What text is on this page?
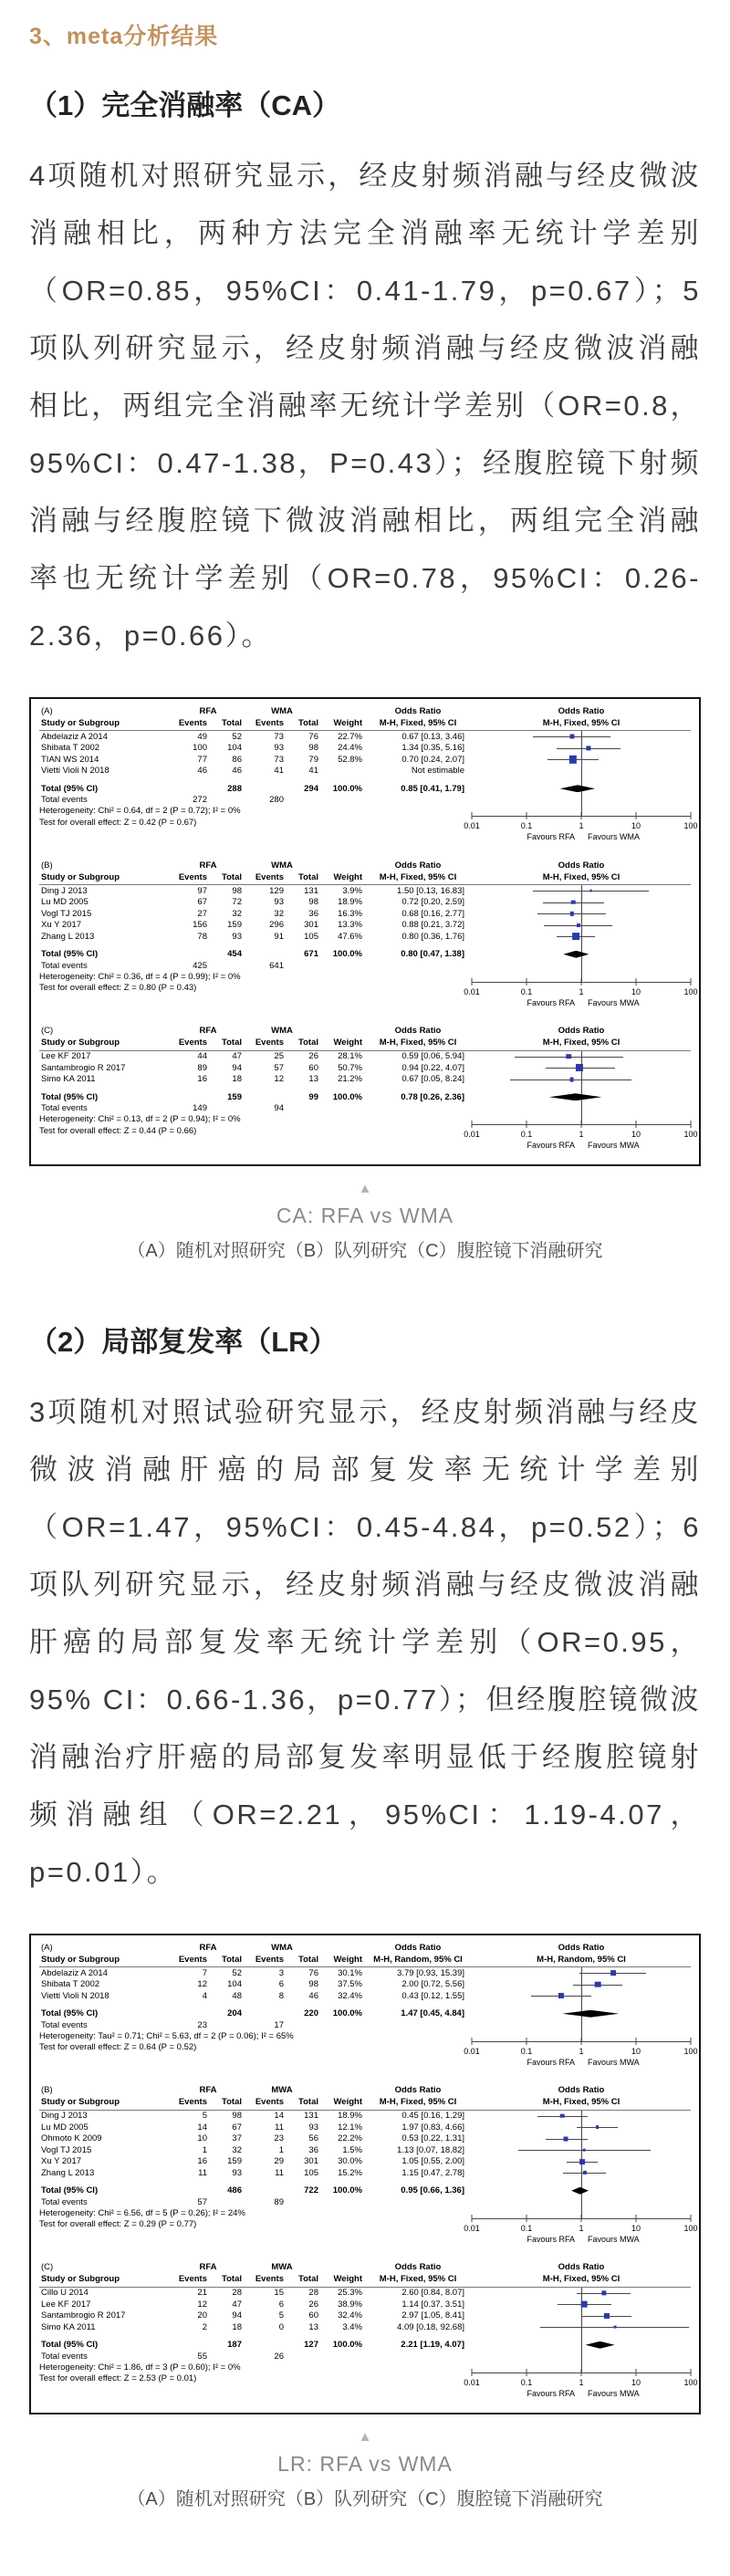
3、meta分析结果
（1）完全消融率（CA）

4项随机对照研究显示，经皮射频消融与经皮微波消融相比，两种方法完全消融率无统计学差别（OR=0.85，95%CI：0.41-1.79，p=0.67）；5项队列研究显示，经皮射频消融与经皮微波消融相比，两组完全消融率无统计学差别（OR=0.8，95%CI：0.47-1.38，P=0.43）；经腹腔镜下射频消融与经腹腔镜下微波消融相比，两组完全消融率也无统计学差别（OR=0.78，95%CI：0.26-2.36，p=0.66）。

(A)	RFA	WMA	Odds Ratio	Odds Ratio
Study or Subgroup	Events	Total	Events	Total	Weight	M-H, Fixed, 95% CI	M-H, Fixed, 95% CI
Abdelaziz A 2014	49	52	73	76	22.7%	0.67 [0.13, 3.46]
Shibata T 2002	100	104	93	98	24.4%	1.34 [0.35, 5.16]
TIAN WS 2014	77	86	73	79	52.8%	0.70 [0.24, 2.07]
Vietti Violi N 2018	46	46	41	41	Not estimable
Total (95% CI)	288	294	100.0%	0.85 [0.41, 1.79]
Total events	272	280
Heterogeneity: Chi² = 0.64, df = 2 (P = 0.72); I² = 0%
Test for overall effect: Z = 0.42 (P = 0.67)	0.01	0.1	1	10	100
Favours RFA Favours WMA
(B)	RFA	WMA	Odds Ratio	Odds Ratio
Study or Subgroup	Events	Total	Events	Total	Weight	M-H, Fixed, 95% CI	M-H, Fixed, 95% CI
Ding J 2013	97	98	129	131	3.9%	1.50 [0.13, 16.83]
Lu MD 2005	67	72	93	98	18.9%	0.72 [0.20, 2.59]
Vogl TJ 2015	27	32	32	36	16.3%	0.68 [0.16, 2.77]
Xu Y 2017	156	159	296	301	13.3%	0.88 [0.21, 3.72]
Zhang L 2013	78	93	91	105	47.6%	0.80 [0.36, 1.76]
Total (95% CI)	454	671	100.0%	0.80 [0.47, 1.38]
Total events	425	641
Heterogeneity: Chi² = 0.36, df = 4 (P = 0.99); I² = 0%
Test for overall effect: Z = 0.80 (P = 0.43)	0.01	0.1	1	10	100
Favours RFA Favours MWA
(C)	RFA	WMA	Odds Ratio	Odds Ratio
Study or Subgroup	Events	Total	Events	Total	Weight	M-H, Fixed, 95% CI	M-H, Fixed, 95% CI
Lee KF 2017	44	47	25	26	28.1%	0.59 [0.06, 5.94]
Santambrogio R 2017	89	94	57	60	50.7%	0.94 [0.22, 4.07]
Simo KA 2011	16	18	12	13	21.2%	0.67 [0.05, 8.24]
Total (95% CI)	159	99	100.0%	0.78 [0.26, 2.36]
Total events	149	94
Heterogeneity: Chi² = 0.13, df = 2 (P = 0.94); I² = 0%
Test for overall effect: Z = 0.44 (P = 0.66)	0.01	0.1	1	10	100
Favours RFA Favours MWA
▲
CA: RFA vs WMA
（A）随机对照研究（B）队列研究（C）腹腔镜下消融研究
（2）局部复发率（LR）

3项随机对照试验研究显示，经皮射频消融与经皮微波消融肝癌的局部复发率无统计学差别（OR=1.47，95%CI：0.45-4.84，p=0.52）；6项队列研究显示，经皮射频消融与经皮微波消融肝癌的局部复发率无统计学差别（OR=0.95，95% CI：0.66-1.36，p=0.77）；但经腹腔镜微波消融治疗肝癌的局部复发率明显低于经腹腔镜射频消融组（OR=2.21，95%CI：1.19-4.07，p=0.01）。

(A)	RFA	WMA	Odds Ratio	Odds Ratio
Study or Subgroup	Events	Total	Events	Total	Weight	M-H, Random, 95% CI	M-H, Random, 95% CI
Abdelaziz A 2014	7	52	3	76	30.1%	3.79 [0.93, 15.39]
Shibata T 2002	12	104	6	98	37.5%	2.00 [0.72, 5.56]
Vietti Violi N 2018	4	48	8	46	32.4%	0.43 [0.12, 1.55]
Total (95% CI)	204	220	100.0%	1.47 [0.45, 4.84]
Total events	23	17
Heterogeneity: Tau² = 0.71; Chi² = 5.63, df = 2 (P = 0.06); I² = 65%
Test for overall effect: Z = 0.64 (P = 0.52)	0.01	0.1	1	10	100
Favours RFA Favours MWA
(B)	RFA	MWA	Odds Ratio	Odds Ratio
Study or Subgroup	Events	Total	Events	Total	Weight	M-H, Fixed, 95% CI	M-H, Fixed, 95% CI
Ding J 2013	5	98	14	131	18.9%	0.45 [0.16, 1.29]
Lu MD 2005	14	67	11	93	12.1%	1.97 [0.83, 4.66]
Ohmoto K 2009	10	37	23	56	22.2%	0.53 [0.22, 1.31]
Vogl TJ 2015	1	32	1	36	1.5%	1.13 [0.07, 18.82]
Xu Y 2017	16	159	29	301	30.0%	1.05 [0.55, 2.00]
Zhang L 2013	11	93	11	105	15.2%	1.15 [0.47, 2.78]
Total (95% CI)	486	722	100.0%	0.95 [0.66, 1.36]
Total events	57	89
Heterogeneity: Chi² = 6.56, df = 5 (P = 0.26); I² = 24%
Test for overall effect: Z = 0.29 (P = 0.77)	0.01	0.1	1	10	100
Favours RFA Favours MWA
(C)	RFA	MWA	Odds Ratio	Odds Ratio
Study or Subgroup	Events	Total	Events	Total	Weight	M-H, Fixed, 95% CI	M-H, Fixed, 95% CI
Cillo U 2014	21	28	15	28	25.3%	2.60 [0.84, 8.07]
Lee KF 2017	12	47	6	26	38.9%	1.14 [0.37, 3.51]
Santambrogio R 2017	20	94	5	60	32.4%	2.97 [1.05, 8.41]
Simo KA 2011	2	18	0	13	3.4%	4.09 [0.18, 92.68]
Total (95% CI)	187	127	100.0%	2.21 [1.19, 4.07]
Total events	55	26
Heterogeneity: Chi² = 1.86, df = 3 (P = 0.60); I² = 0%
Test for overall effect: Z = 2.53 (P = 0.01)	0.01	0.1	1	10	100
Favours RFA Favours MWA
▲
LR: RFA vs WMA
（A）随机对照研究（B）队列研究（C）腹腔镜下消融研究
